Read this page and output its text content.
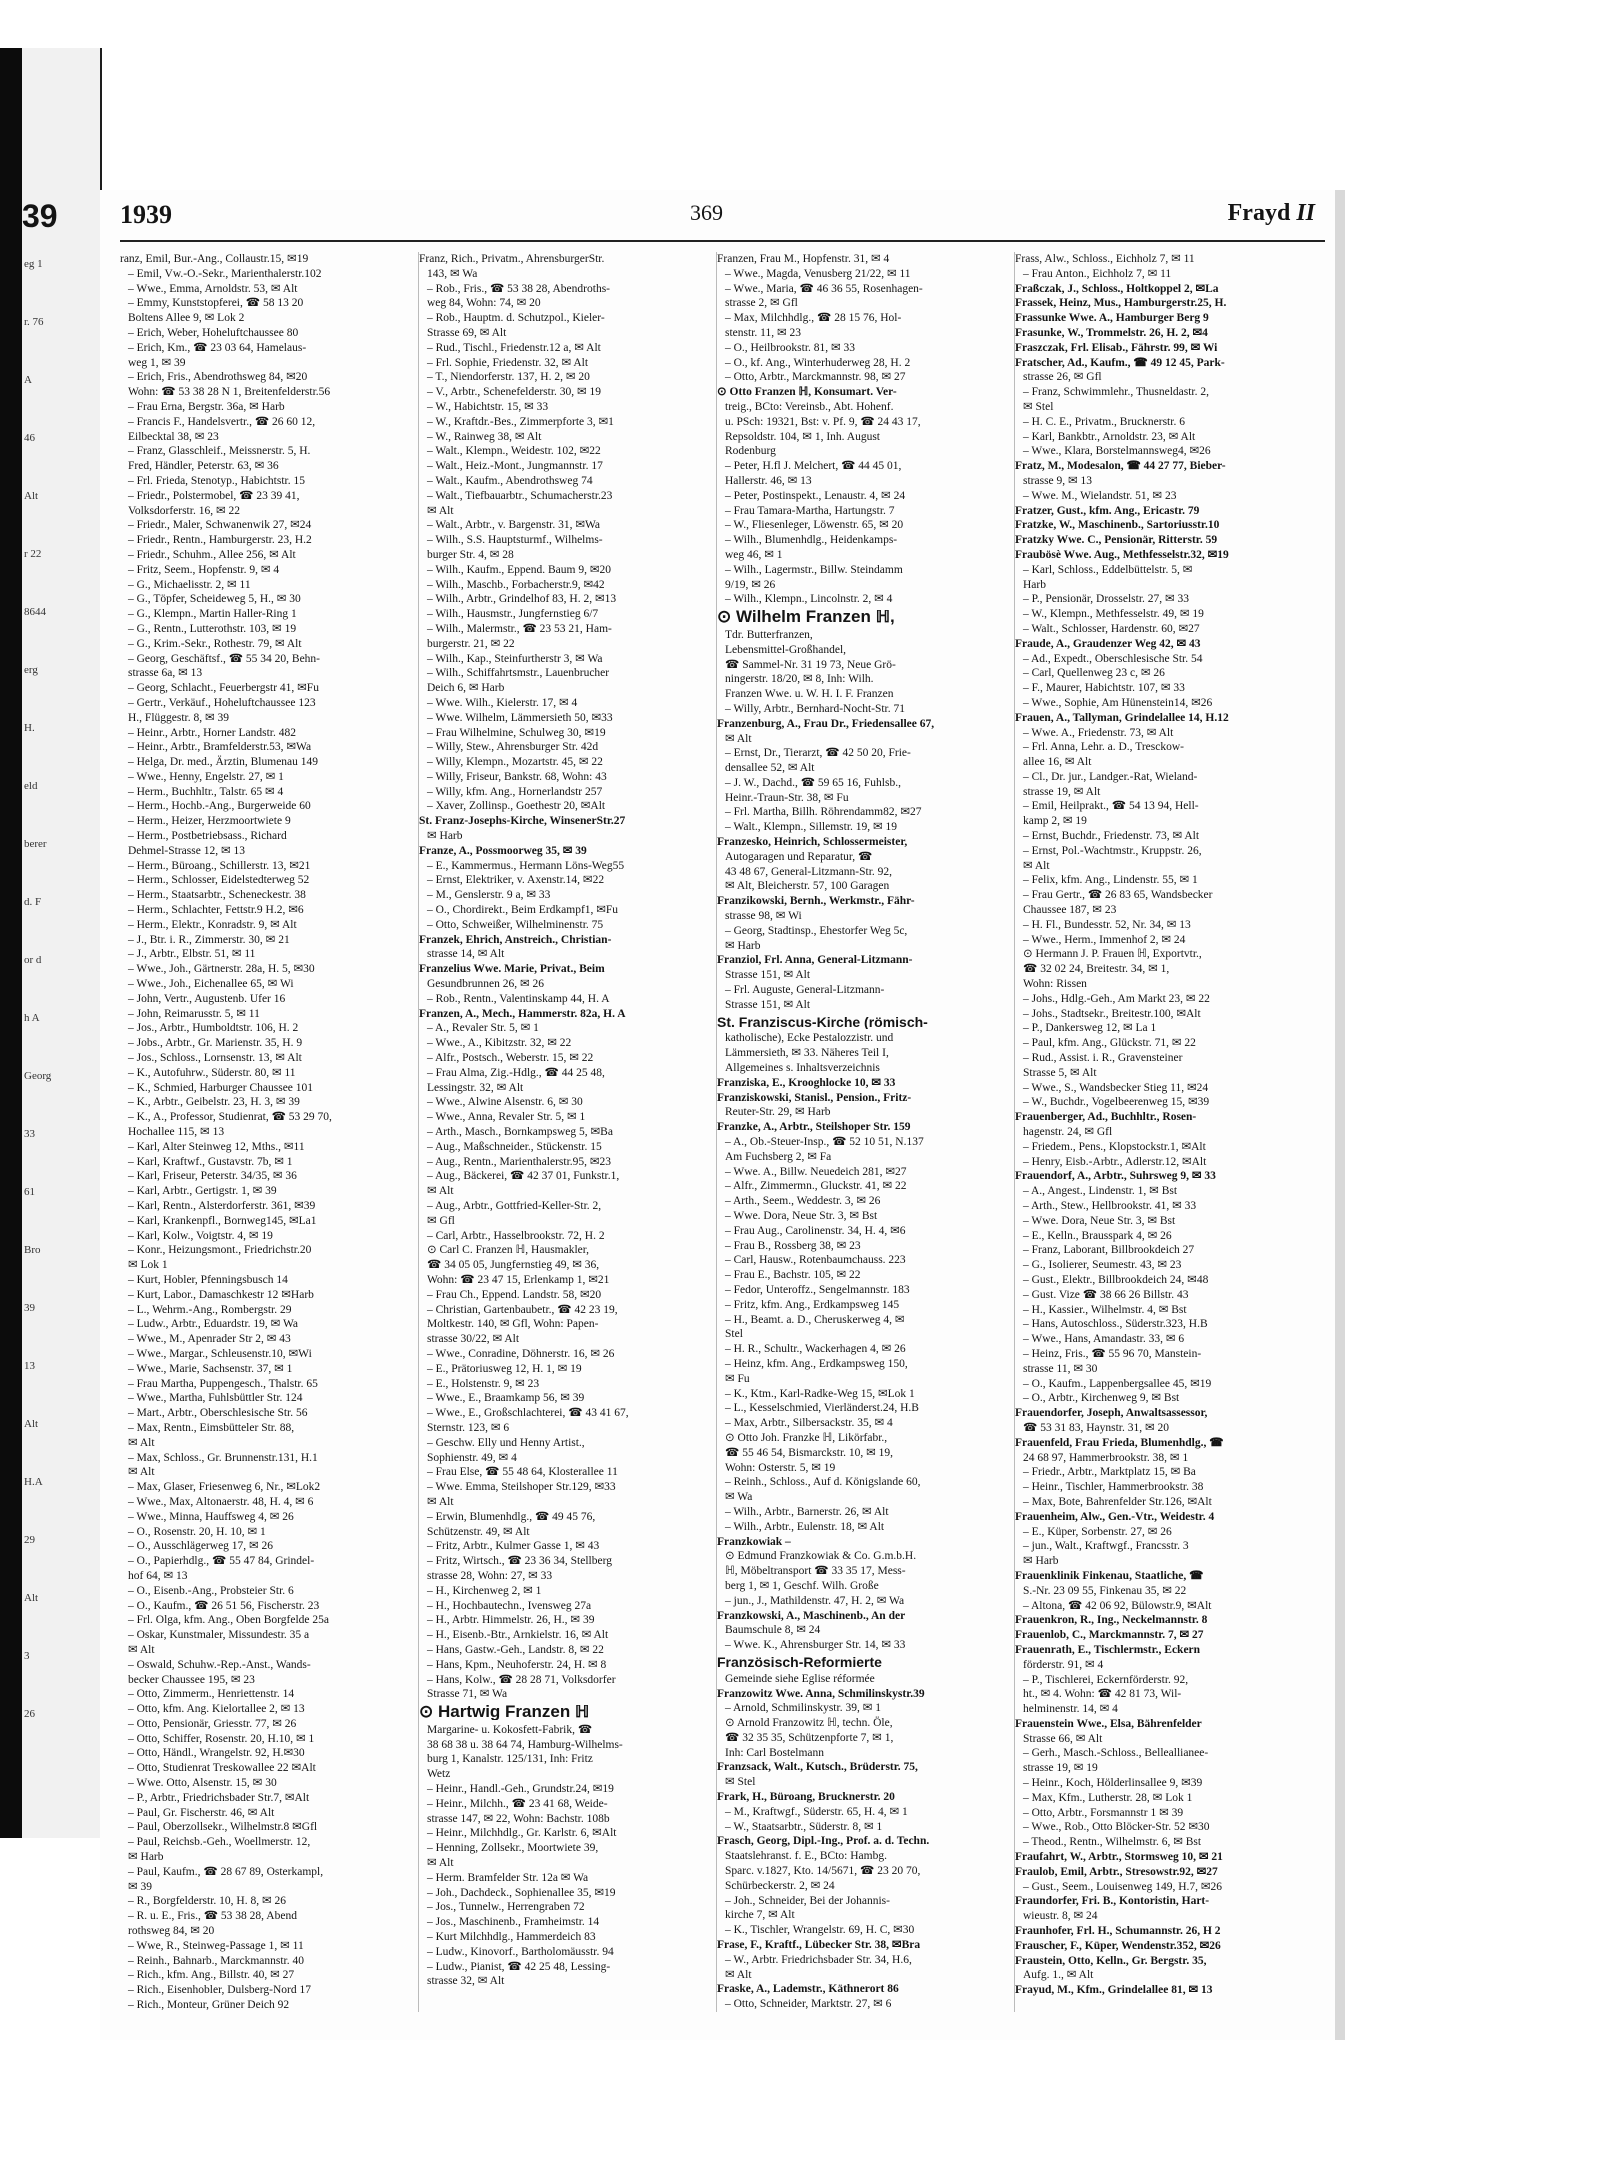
39
eg 1
r. 76
A
46
Alt
r 22
8644
erg
H.
eld
berer
d. F
or d
h A
Georg
33
61
Bro
39
13
Alt
H.A
29
Alt
3
26
1939	369	Frayd II
ranz, Emil, Bur.-Ang., Collaustr.15, ✉19
– Emil, Vw.-O.-Sekr., Marienthalerstr.102
– Wwe., Emma, Arnoldstr. 53, ✉ Alt
– Emmy, Kunststopferei, ☎ 58 13 20
Boltens Allee 9, ✉ Lok 2
– Erich, Weber, Hoheluftchaussee 80
– Erich, Km., ☎ 23 03 64, Hamelaus-
weg 1, ✉ 39
– Erich, Fris., Abendrothsweg 84, ✉20
Wohn: ☎ 53 38 28 N 1, Breitenfelderstr.56
– Frau Erna, Bergstr. 36a, ✉ Harb
– Francis F., Handelsvertr., ☎ 26 60 12,
Eilbecktal 38, ✉ 23
– Franz, Glasschleif., Meissnerstr. 5, H.
Fred, Händler, Peterstr. 63, ✉ 36
– Frl. Frieda, Stenotyp., Habichtstr. 15
– Friedr., Polstermobel, ☎ 23 39 41,
Volksdorferstr. 16, ✉ 22
– Friedr., Maler, Schwanenwik 27, ✉24
– Friedr., Rentn., Hamburgerstr. 23, H.2
– Friedr., Schuhm., Allee 256, ✉ Alt
– Fritz, Seem., Hopfenstr. 9, ✉ 4
– G., Michaelisstr. 2, ✉ 11
– G., Töpfer, Scheideweg 5, H., ✉ 30
– G., Klempn., Martin Haller-Ring 1
– G., Rentn., Lutterothstr. 103, ✉ 19
– G., Krim.-Sekr., Rothestr. 79, ✉ Alt
– Georg, Geschäftsf., ☎ 55 34 20, Behn-
strasse 6a, ✉ 13
– Georg, Schlacht., Feuerbergstr 41, ✉Fu
– Gertr., Verkäuf., Hoheluftchaussee 123
H., Flüggestr. 8, ✉ 39
– Heinr., Arbtr., Horner Landstr. 482
– Heinr., Arbtr., Bramfelderstr.53, ✉Wa
– Helga, Dr. med., Ärztin, Blumenau 149
– Wwe., Henny, Engelstr. 27, ✉ 1
– Herm., Buchhltr., Talstr. 65 ✉ 4
– Herm., Hochb.-Ang., Burgerweide 60
– Herm., Heizer, Herzmoortwiete 9
– Herm., Postbetriebsass., Richard
Dehmel-Strasse 12, ✉ 13
– Herm., Büroang., Schillerstr. 13, ✉21
– Herm., Schlosser, Eidelstedterweg 52
– Herm., Staatsarbtr., Scheneckestr. 38
– Herm., Schlachter, Fettstr.9 H.2, ✉6
– Herm., Elektr., Konradstr. 9, ✉ Alt
– J., Btr. i. R., Zimmerstr. 30, ✉ 21
– J., Arbtr., Elbstr. 51, ✉ 11
– Wwe., Joh., Gärtnerstr. 28a, H. 5, ✉30
– Wwe., Joh., Eichenallee 65, ✉ Wi
– John, Vertr., Augustenb. Ufer 16
– John, Reimarusstr. 5, ✉ 11
– Jos., Arbtr., Humboldtstr. 106, H. 2
– Jobs., Arbtr., Gr. Marienstr. 35, H. 9
– Jos., Schloss., Lornsenstr. 13, ✉ Alt
– K., Autofuhrw., Süderstr. 80, ✉ 11
– K., Schmied, Harburger Chaussee 101
– K., Arbtr., Geibelstr. 23, H. 3, ✉ 39
– K., A., Professor, Studienrat, ☎ 53 29 70,
Hochallee 115, ✉ 13
– Karl, Alter Steinweg 12, Mths., ✉11
– Karl, Kraftwf., Gustavstr. 7b, ✉ 1
– Karl, Friseur, Peterstr. 34/35, ✉ 36
– Karl, Arbtr., Gertigstr. 1, ✉ 39
– Karl, Rentn., Alsterdorferstr. 361, ✉39
– Karl, Krankenpfl., Bornweg145, ✉La1
– Karl, Kolw., Voigtstr. 4, ✉ 19
– Konr., Heizungsmont., Friedrichstr.20
✉ Lok 1
– Kurt, Hobler, Pfenningsbusch 14
– Kurt, Labor., Damaschkestr 12 ✉Harb
– L., Wehrm.-Ang., Rombergstr. 29
– Ludw., Arbtr., Eduardstr. 19, ✉ Wa
– Wwe., M., Apenrader Str 2, ✉ 43
– Wwe., Margar., Schleusenstr.10, ✉Wi
– Wwe., Marie, Sachsenstr. 37, ✉ 1
– Frau Martha, Puppengesch., Thalstr. 65
– Wwe., Martha, Fuhlsbüttler Str. 124
– Mart., Arbtr., Oberschlesische Str. 56
– Max, Rentn., Eimsbütteler Str. 88,
✉ Alt
– Max, Schloss., Gr. Brunnenstr.131, H.1
✉ Alt
– Max, Glaser, Friesenweg 6, Nr., ✉Lok2
– Wwe., Max, Altonaerstr. 48, H. 4, ✉ 6
– Wwe., Minna, Hauffsweg 4, ✉ 26
– O., Rosenstr. 20, H. 10, ✉ 1
– O., Ausschlägerweg 17, ✉ 26
– O., Papierhdlg., ☎ 55 47 84, Grindel-
hof 64, ✉ 13
– O., Eisenb.-Ang., Probsteier Str. 6
– O., Kaufm., ☎ 26 51 56, Fischerstr. 23
– Frl. Olga, kfm. Ang., Oben Borgfelde 25a
– Oskar, Kunstmaler, Missundestr. 35 a
✉ Alt
– Oswald, Schuhw.-Rep.-Anst., Wands-
becker Chaussee 195, ✉ 23
– Otto, Zimmerm., Henriettenstr. 14
– Otto, kfm. Ang. Kielortallee 2, ✉ 13
– Otto, Pensionär, Griesstr. 77, ✉ 26
– Otto, Schiffer, Rosenstr. 20, H.10, ✉ 1
– Otto, Händl., Wrangelstr. 92, H.✉30
– Otto, Studienrat Treskowallee 22 ✉Alt
– Wwe. Otto, Alsenstr. 15, ✉ 30
– P., Arbtr., Friedrichsbader Str.7, ✉Alt
– Paul, Gr. Fischerstr. 46, ✉ Alt
– Paul, Oberzollsekr., Wilhelmstr.8 ✉Gfl
– Paul, Reichsb.-Geh., Woellmerstr. 12,
✉ Harb
– Paul, Kaufm., ☎ 28 67 89, Osterkampl,
✉ 39
– R., Borgfelderstr. 10, H. 8, ✉ 26
– R. u. E., Fris., ☎ 53 38 28, Abend
rothsweg 84, ✉ 20
– Wwe, R., Steinweg-Passage 1, ✉ 11
– Reinh., Bahnarb., Marckmannstr. 40
– Rich., kfm. Ang., Billstr. 40, ✉ 27
– Rich., Eisenhobler, Dulsberg-Nord 17
– Rich., Monteur, Grüner Deich 92
Franz, Rich., Privatm., AhrensburgerStr.
143, ✉ Wa
– Rob., Fris., ☎ 53 38 28, Abendroths-
weg 84, Wohn: 74, ✉ 20
– Rob., Hauptm. d. Schutzpol., Kieler-
Strasse 69, ✉ Alt
– Rud., Tischl., Friedenstr.12 a, ✉ Alt
– Frl. Sophie, Friedenstr. 32, ✉ Alt
– T., Niendorferstr. 137, H. 2, ✉ 20
– V., Arbtr., Schenefelderstr. 30, ✉ 19
– W., Habichtstr. 15, ✉ 33
– W., Kraftdr.-Bes., Zimmerpforte 3, ✉1
– W., Rainweg 38, ✉ Alt
– Walt., Klempn., Weidestr. 102, ✉22
– Walt., Heiz.-Mont., Jungmannstr. 17
– Walt., Kaufm., Abendrothsweg 74
– Walt., Tiefbauarbtr., Schumacherstr.23
✉ Alt
– Walt., Arbtr., v. Bargenstr. 31, ✉Wa
– Wilh., S.S. Hauptsturmf., Wilhelms-
burger Str. 4, ✉ 28
– Wilh., Kaufm., Eppend. Baum 9, ✉20
– Wilh., Maschb., Forbacherstr.9, ✉42
– Wilh., Arbtr., Grindelhof 83, H. 2, ✉13
– Wilh., Hausmstr., Jungfernstieg 6/7
– Wilh., Malermstr., ☎ 23 53 21, Ham-
burgerstr. 21, ✉ 22
– Wilh., Kap., Steinfurtherstr 3, ✉ Wa
– Wilh., Schiffahrtsmstr., Lauenbrucher
Deich 6, ✉ Harb
– Wwe. Wilh., Kielerstr. 17, ✉ 4
– Wwe. Wilhelm, Lämmersieth 50, ✉33
– Frau Wilhelmine, Schulweg 30, ✉19
– Willy, Stew., Ahrensburger Str. 42d
– Willy, Klempn., Mozartstr. 45, ✉ 22
– Willy, Friseur, Bankstr. 68, Wohn: 43
– Willy, kfm. Ang., Hornerlandstr 257
– Xaver, Zollinsp., Goethestr 20, ✉Alt
St. Franz-Josephs-Kirche, WinsenerStr.27
✉ Harb
Franze, A., Possmoorweg 35, ✉ 39
– E., Kammermus., Hermann Löns-Weg55
– Ernst, Elektriker, v. Axenstr.14, ✉22
– M., Genslerstr. 9 a, ✉ 33
– O., Chordirekt., Beim Erdkampf1, ✉Fu
– Otto, Schweißer, Wilhelminenstr. 75
Franzek, Ehrich, Anstreich., Christian-
strasse 14, ✉ Alt
Franzelius Wwe. Marie, Privat., Beim
Gesundbrunnen 26, ✉ 26
– Rob., Rentn., Valentinskamp 44, H. A
Franzen, A., Mech., Hammerstr. 82a, H. A
– A., Revaler Str. 5, ✉ 1
– Wwe., A., Kibitzstr. 32, ✉ 22
– Alfr., Postsch., Weberstr. 15, ✉ 22
– Frau Alma, Zig.-Hdlg., ☎ 44 25 48,
Lessingstr. 32, ✉ Alt
– Wwe., Alwine Alsenstr. 6, ✉ 30
– Wwe., Anna, Revaler Str. 5, ✉ 1
– Arth., Masch., Bornkampsweg 5, ✉Ba
– Aug., Maßschneider., Stückenstr. 15
– Aug., Rentn., Marienthalerstr.95, ✉23
– Aug., Bäckerei, ☎ 42 37 01, Funkstr.1,
✉ Alt
– Aug., Arbtr., Gottfried-Keller-Str. 2,
✉ Gfl
– Carl, Arbtr., Hasselbrookstr. 72, H. 2
⊙ Carl C. Franzen ℍ, Hausmakler,
☎ 34 05 05, Jungfernstieg 49, ✉ 36,
Wohn: ☎ 23 47 15, Erlenkamp 1, ✉21
– Frau Ch., Eppend. Landstr. 58, ✉20
– Christian, Gartenbaubetr., ☎ 42 23 19,
Moltkestr. 140, ✉ Gfl, Wohn: Papen-
strasse 30/22, ✉ Alt
– Wwe., Conradine, Döhnerstr. 16, ✉ 26
– E., Prätoriusweg 12, H. 1, ✉ 19
– E., Holstenstr. 9, ✉ 23
– Wwe., E., Braamkamp 56, ✉ 39
– Wwe., E., Großschlachterei, ☎ 43 41 67,
Sternstr. 123, ✉ 6
– Geschw. Elly und Henny Artist.,
Sophienstr. 49, ✉ 4
– Frau Else, ☎ 55 48 64, Klosterallee 11
– Wwe. Emma, Steilshoper Str.129, ✉33
✉ Alt
– Erwin, Blumenhdlg., ☎ 49 45 76,
Schützenstr. 49, ✉ Alt
– Fritz, Arbtr., Kulmer Gasse 1, ✉ 43
– Fritz, Wirtsch., ☎ 23 36 34, Stellberg
strasse 28, Wohn: 27, ✉ 33
– H., Kirchenweg 2, ✉ 1
– H., Hochbautechn., Ivensweg 27a
– H., Arbtr. Himmelstr. 26, H., ✉ 39
– H., Eisenb.-Btr., Arnkielstr. 16, ✉ Alt
– Hans, Gastw.-Geh., Landstr. 8, ✉ 22
– Hans, Kpm., Neuhoferstr. 24, H. ✉ 8
– Hans, Kolw., ☎ 28 28 71, Volksdorfer
Strasse 71, ✉ Wa
⊙ Hartwig Franzen ℍ
Margarine- u. Kokosfett-Fabrik, ☎
38 68 38 u. 38 64 74, Hamburg-Wilhelms-
burg 1, Kanalstr. 125/131, Inh: Fritz
Wetz
– Heinr., Handl.-Geh., Grundstr.24, ✉19
– Heinr., Milchh., ☎ 23 41 68, Weide-
strasse 147, ✉ 22, Wohn: Bachstr. 108b
– Heinr., Milchhdlg., Gr. Karlstr. 6, ✉Alt
– Henning, Zollsekr., Moortwiete 39,
✉ Alt
– Herm. Bramfelder Str. 12a ✉ Wa
– Joh., Dachdeck., Sophienallee 35, ✉19
– Jos., Tunnelw., Herrengraben 72
– Jos., Maschinenb., Framheimstr. 14
– Kurt Milchhdlg., Hammerdeich 83
– Ludw., Kinovorf., Bartholomäusstr. 94
– Ludw., Pianist, ☎ 42 25 48, Lessing-
strasse 32, ✉ Alt
Franzen, Frau M., Hopfenstr. 31, ✉ 4
– Wwe., Magda, Venusberg 21/22, ✉ 11
– Wwe., Maria, ☎ 46 36 55, Rosenhagen-
strasse 2, ✉ Gfl
– Max, Milchhdlg., ☎ 28 15 76, Hol-
stenstr. 11, ✉ 23
– O., Heilbrookstr. 81, ✉ 33
– O., kf. Ang., Winterhuderweg 28, H. 2
– Otto, Arbtr., Marckmannstr. 98, ✉ 27
⊙ Otto Franzen ℍ, Konsumart. Ver-
treig., BCto: Vereinsb., Abt. Hohenf.
u. PSch: 19321, Bst: v. Pf. 9, ☎ 24 43 17,
Repsoldstr. 104, ✉ 1, Inh. August
Rodenburg
– Peter, H.fl J. Melchert, ☎ 44 45 01,
Hallerstr. 46, ✉ 13
– Peter, Postinspekt., Lenaustr. 4, ✉ 24
– Frau Tamara-Martha, Hartungstr. 7
– W., Fliesenleger, Löwenstr. 65, ✉ 20
– Wilh., Blumenhdlg., Heidenkamps-
weg 46, ✉ 1
– Wilh., Lagermstr., Billw. Steindamm
9/19, ✉ 26
– Wilh., Klempn., Lincolnstr. 2, ✉ 4
⊙ Wilhelm Franzen ℍ,
Tdr. Butterfranzen,
Lebensmittel-Großhandel,
☎ Sammel-Nr. 31 19 73, Neue Grö-
ningerstr. 18/20, ✉ 8, Inh: Wilh.
Franzen Wwe. u. W. H. I. F. Franzen
– Willy, Arbtr., Bernhard-Nocht-Str. 71
Franzenburg, A., Frau Dr., Friedensallee 67,
✉ Alt
– Ernst, Dr., Tierarzt, ☎ 42 50 20, Frie-
densallee 52, ✉ Alt
– J. W., Dachd., ☎ 59 65 16, Fuhlsb.,
Heinr.-Traun-Str. 38, ✉ Fu
– Frl. Martha, Billh. Röhrendamm82, ✉27
– Walt., Klempn., Sillemstr. 19, ✉ 19
Franzesko, Heinrich, Schlossermeister,
Autogaragen und Reparatur, ☎
43 48 67, General-Litzmann-Str. 92,
✉ Alt, Bleicherstr. 57, 100 Garagen
Franzikowski, Bernh., Werkmstr., Fähr-
strasse 98, ✉ Wi
– Georg, Stadtinsp., Ehestorfer Weg 5c,
✉ Harb
Franziol, Frl. Anna, General-Litzmann-
Strasse 151, ✉ Alt
– Frl. Auguste, General-Litzmann-
Strasse 151, ✉ Alt
St. Franziscus-Kirche (römisch-
katholische), Ecke Pestalozzistr. und
Lämmersieth, ✉ 33. Näheres Teil I,
Allgemeines s. Inhaltsverzeichnis
Franziska, E., Krooghlocke 10, ✉ 33
Franziskowski, Stanisl., Pension., Fritz-
Reuter-Str. 29, ✉ Harb
Franzke, A., Arbtr., Steilshoper Str. 159
– A., Ob.-Steuer-Insp., ☎ 52 10 51, N.137
Am Fuchsberg 2, ✉ Fa
– Wwe. A., Billw. Neuedeich 281, ✉27
– Alfr., Zimmermn., Gluckstr. 41, ✉ 22
– Arth., Seem., Weddestr. 3, ✉ 26
– Wwe. Dora, Neue Str. 3, ✉ Bst
– Frau Aug., Carolinenstr. 34, H. 4, ✉6
– Frau B., Rossberg 38, ✉ 23
– Carl, Hausw., Rotenbaumchauss. 223
– Frau E., Bachstr. 105, ✉ 22
– Fedor, Unteroffz., Sengelmannstr. 183
– Fritz, kfm. Ang., Erdkampsweg 145
– H., Beamt. a. D., Cheruskerweg 4, ✉
Stel
– H. R., Schultr., Wackerhagen 4, ✉ 26
– Heinz, kfm. Ang., Erdkampsweg 150,
✉ Fu
– K., Ktm., Karl-Radke-Weg 15, ✉Lok 1
– L., Kesselschmied, Vierländerst.24, H.B
– Max, Arbtr., Silbersackstr. 35, ✉ 4
⊙ Otto Joh. Franzke ℍ, Likörfabr.,
☎ 55 46 54, Bismarckstr. 10, ✉ 19,
Wohn: Osterstr. 5, ✉ 19
– Reinh., Schloss., Auf d. Königslande 60,
✉ Wa
– Wilh., Arbtr., Barnerstr. 26, ✉ Alt
– Wilh., Arbtr., Eulenstr. 18, ✉ Alt
Franzkowiak –
⊙ Edmund Franzkowiak & Co. G.m.b.H.
ℍ, Möbeltransport ☎ 33 35 17, Mess-
berg 1, ✉ 1, Geschf. Wilh. Große
– jun., J., Mathildenstr. 47, H. 2, ✉ Wa
Franzkowski, A., Maschinenb., An der
Baumschule 8, ✉ 24
– Wwe. K., Ahrensburger Str. 14, ✉ 33
Französisch-Reformierte
Gemeinde siehe Eglise réformée
Franzowitz Wwe. Anna, Schmilinskystr.39
– Arnold, Schmilinskystr. 39, ✉ 1
⊙ Arnold Franzowitz ℍ, techn. Öle,
☎ 32 35 35, Schützenpforte 7, ✉ 1,
Inh: Carl Bostelmann
Franzsack, Walt., Kutsch., Brüderstr. 75,
✉ Stel
Frark, H., Büroang, Brucknerstr. 20
– M., Kraftwgf., Süderstr. 65, H. 4, ✉ 1
– W., Staatsarbtr., Süderstr. 8, ✉ 1
Frasch, Georg, Dipl.-Ing., Prof. a. d. Techn.
Staatslehranst. f. E., BCto: Hambg.
Sparc. v.1827, Kto. 14/5671, ☎ 23 20 70,
Schürbeckerstr. 2, ✉ 24
– Joh., Schneider, Bei der Johannis-
kirche 7, ✉ Alt
– K., Tischler, Wrangelstr. 69, H. C, ✉30
Frase, F., Kraftf., Lübecker Str. 38, ✉Bra
– W., Arbtr. Friedrichsbader Str. 34, H.6,
✉ Alt
Fraske, A., Lademstr., Käthnerort 86
– Otto, Schneider, Marktstr. 27, ✉ 6
Frass, Alw., Schloss., Eichholz 7, ✉ 11
– Frau Anton., Eichholz 7, ✉ 11
Fraßczak, J., Schloss., Holtkoppel 2, ✉La
Frassek, Heinz, Mus., Hamburgerstr.25, H.
Frassunke Wwe. A., Hamburger Berg 9
Frasunke, W., Trommelstr. 26, H. 2, ✉4
Fraszczak, Frl. Elisab., Fährstr. 99, ✉ Wi
Fratscher, Ad., Kaufm., ☎ 49 12 45, Park-
strasse 26, ✉ Gfl
– Franz, Schwimmlehr., Thusneldastr. 2,
✉ Stel
– H. C. E., Privatm., Brucknerstr. 6
– Karl, Bankbtr., Arnoldstr. 23, ✉ Alt
– Wwe., Klara, Borstelmannsweg4, ✉26
Fratz, M., Modesalon, ☎ 44 27 77, Bieber-
strasse 9, ✉ 13
– Wwe. M., Wielandstr. 51, ✉ 23
Fratzer, Gust., kfm. Ang., Ericastr. 79
Fratzke, W., Maschinenb., Sartoriusstr.10
Fratzky Wwe. C., Pensionär, Ritterstr. 59
Fraubösè Wwe. Aug., Methfesselstr.32, ✉19
– Karl, Schloss., Eddelbüttelstr. 5, ✉
Harb
– P., Pensionär, Drosselstr. 27, ✉ 33
– W., Klempn., Methfesselstr. 49, ✉ 19
– Walt., Schlosser, Hardenstr. 60, ✉27
Fraude, A., Graudenzer Weg 42, ✉ 43
– Ad., Expedt., Oberschlesische Str. 54
– Carl, Quellenweg 23 c, ✉ 26
– F., Maurer, Habichtstr. 107, ✉ 33
– Wwe., Sophie, Am Hünenstein14, ✉26
Frauen, A., Tallyman, Grindelallee 14, H.12
– Wwe. A., Friedenstr. 73, ✉ Alt
– Frl. Anna, Lehr. a. D., Tresckow-
allee 16, ✉ Alt
– Cl., Dr. jur., Landger.-Rat, Wieland-
strasse 19, ✉ Alt
– Emil, Heilprakt., ☎ 54 13 94, Hell-
kamp 2, ✉ 19
– Ernst, Buchdr., Friedenstr. 73, ✉ Alt
– Ernst, Pol.-Wachtmstr., Kruppstr. 26,
✉ Alt
– Felix, kfm. Ang., Lindenstr. 55, ✉ 1
– Frau Gertr., ☎ 26 83 65, Wandsbecker
Chaussee 187, ✉ 23
– H. Fl., Bundesstr. 52, Nr. 34, ✉ 13
– Wwe., Herm., Immenhof 2, ✉ 24
⊙ Hermann J. P. Frauen ℍ, Exportvtr.,
☎ 32 02 24, Breitestr. 34, ✉ 1,
Wohn: Rissen
– Johs., Hdlg.-Geh., Am Markt 23, ✉ 22
– Johs., Stadtsekr., Breitestr.100, ✉Alt
– P., Dankersweg 12, ✉ La 1
– Paul, kfm. Ang., Glückstr. 71, ✉ 22
– Rud., Assist. i. R., Gravensteiner
Strasse 5, ✉ Alt
– Wwe., S., Wandsbecker Stieg 11, ✉24
– W., Buchdr., Vogelbeerenweg 15, ✉39
Frauenberger, Ad., Buchhltr., Rosen-
hagenstr. 24, ✉ Gfl
– Friedem., Pens., Klopstockstr.1, ✉Alt
– Henry, Eisb.-Arbtr., Adlerstr.12, ✉Alt
Frauendorf, A., Arbtr., Suhrsweg 9, ✉ 33
– A., Angest., Lindenstr. 1, ✉ Bst
– Arth., Stew., Hellbrookstr. 41, ✉ 33
– Wwe. Dora, Neue Str. 3, ✉ Bst
– E., Kelln., Brausspark 4, ✉ 26
– Franz, Laborant, Billbrookdeich 27
– G., Isolierer, Seumestr. 43, ✉ 23
– Gust., Elektr., Billbrookdeich 24, ✉48
– Gust. Vize ☎ 38 66 26 Billstr. 43
– H., Kassier., Wilhelmstr. 4, ✉ Bst
– Hans, Autoschloss., Süderstr.323, H.B
– Wwe., Hans, Amandastr. 33, ✉ 6
– Heinz, Fris., ☎ 55 96 70, Manstein-
strasse 11, ✉ 30
– O., Kaufm., Lappenbergsallee 45, ✉19
– O., Arbtr., Kirchenweg 9, ✉ Bst
Frauendorfer, Joseph, Anwaltsassessor,
☎ 53 31 83, Haynstr. 31, ✉ 20
Frauenfeld, Frau Frieda, Blumenhdlg., ☎
24 68 97, Hammerbrookstr. 38, ✉ 1
– Friedr., Arbtr., Marktplatz 15, ✉ Ba
– Heinr., Tischler, Hammerbrookstr. 38
– Max, Bote, Bahrenfelder Str.126, ✉Alt
Frauenheim, Alw., Gen.-Vtr., Weidestr. 4
– E., Küper, Sorbenstr. 27, ✉ 26
– jun., Walt., Kraftwgf., Francsstr. 3
✉ Harb
Frauenklinik Finkenau, Staatliche, ☎
S.-Nr. 23 09 55, Finkenau 35, ✉ 22
– Altona, ☎ 42 06 92, Bülowstr.9, ✉Alt
Frauenkron, R., Ing., Neckelmannstr. 8
Frauenlob, C., Marckmannstr. 7, ✉ 27
Frauenrath, E., Tischlermstr., Eckern
förderstr. 91, ✉ 4
– P., Tischlerei, Eckernförderstr. 92,
ht., ✉ 4. Wohn: ☎ 42 81 73, Wil-
helminenstr. 14, ✉ 4
Frauenstein Wwe., Elsa, Bährenfelder
Strasse 66, ✉ Alt
– Gerh., Masch.-Schloss., Belleallianee-
strasse 19, ✉ 19
– Heinr., Koch, Hölderlinsallee 9, ✉39
– Max, Kfm., Lutherstr. 28, ✉ Lok 1
– Otto, Arbtr., Forsmannstr 1 ✉ 39
– Wwe., Rob., Otto Blöcker-Str. 52 ✉30
– Theod., Rentn., Wilhelmstr. 6, ✉ Bst
Fraufahrt, W., Arbtr., Stormsweg 10, ✉ 21
Fraulob, Emil, Arbtr., Stresowstr.92, ✉27
– Gust., Seem., Louisenweg 149, H.7, ✉26
Fraundorfer, Fri. B., Kontoristin, Hart-
wieustr. 8, ✉ 24
Fraunhofer, Frl. H., Schumannstr. 26, H 2
Frauscher, F., Küper, Wendenstr.352, ✉26
Fraustein, Otto, Kelln., Gr. Bergstr. 35,
Aufg. 1., ✉ Alt
Frayud, M., Kfm., Grindelallee 81, ✉ 13
